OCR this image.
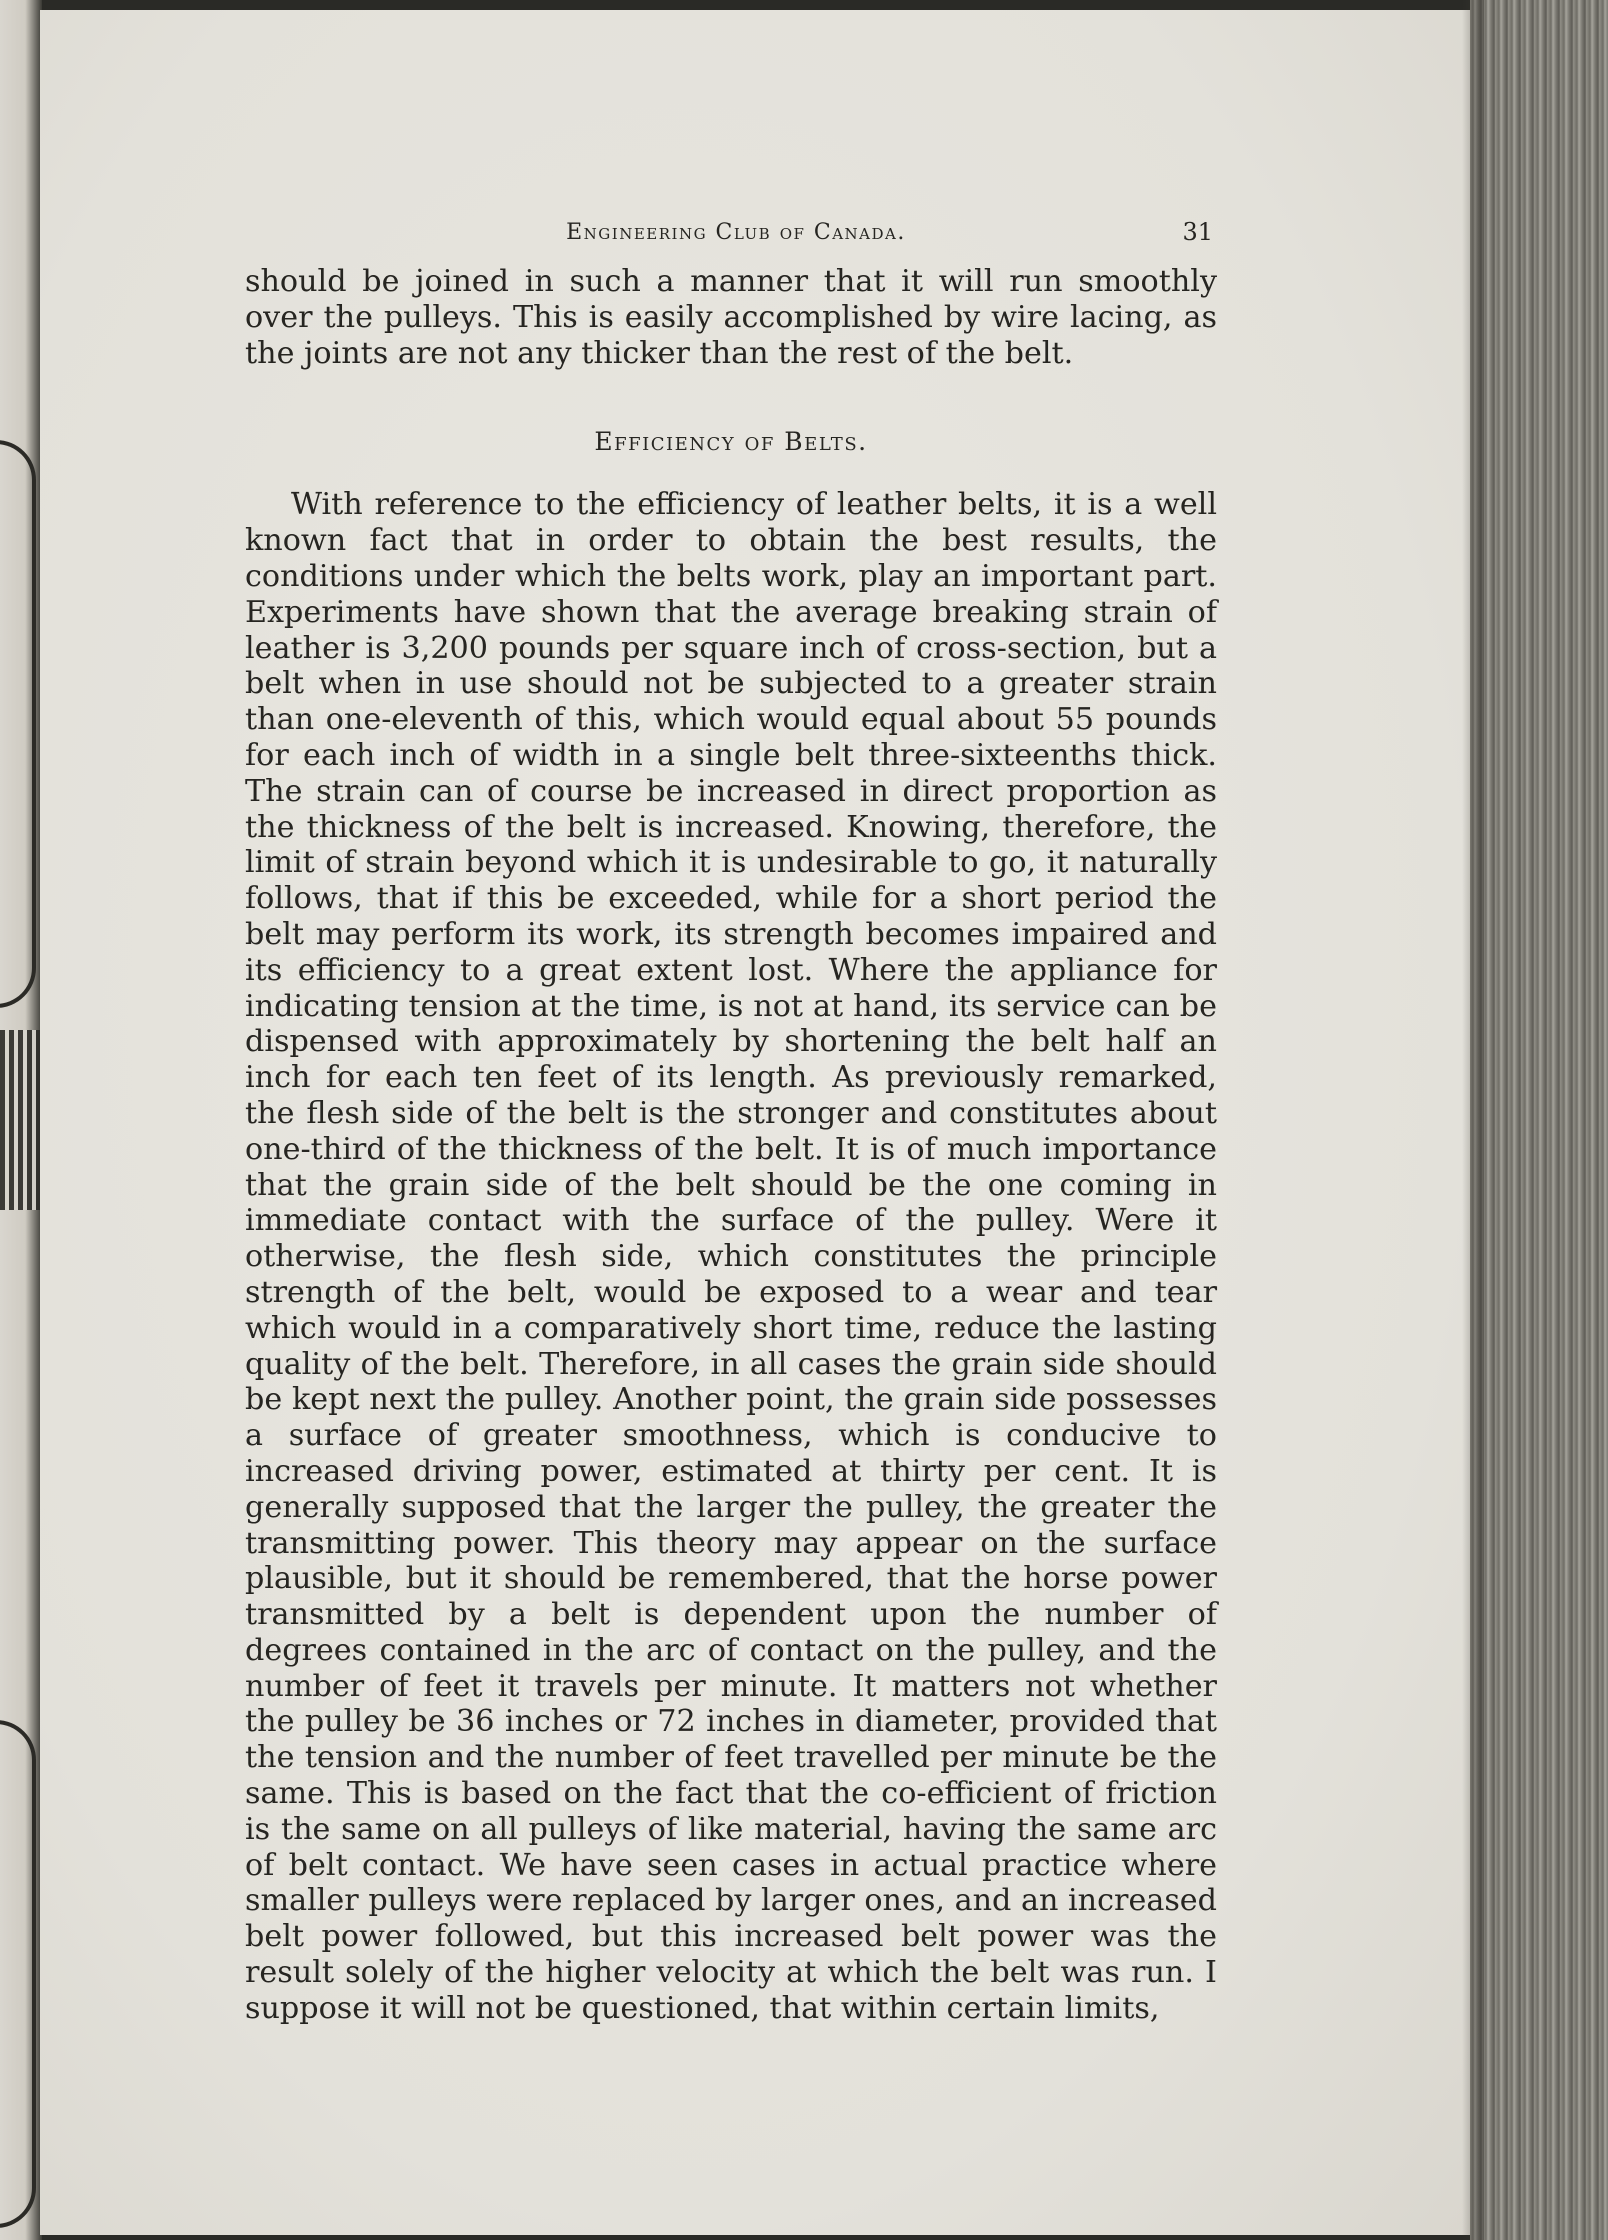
Engineering Club of Canada.	31

should be joined in such a manner that it will run smoothly over the pulleys. This is easily accomplished by wire lacing, as the joints are not any thicker than the rest of the belt.

Efficiency of Belts.

With reference to the efficiency of leather belts, it is a well known fact that in order to obtain the best results, the conditions under which the belts work, play an important part. Experiments have shown that the average breaking strain of leather is 3,200 pounds per square inch of cross-section, but a belt when in use should not be subjected to a greater strain than one-eleventh of this, which would equal about 55 pounds for each inch of width in a single belt three-sixteenths thick. The strain can of course be increased in direct proportion as the thickness of the belt is increased. Knowing, therefore, the limit of strain beyond which it is undesirable to go, it naturally follows, that if this be exceeded, while for a short period the belt may perform its work, its strength becomes impaired and its efficiency to a great extent lost. Where the appliance for indicating tension at the time, is not at hand, its service can be dispensed with approximately by shortening the belt half an inch for each ten feet of its length. As previously remarked, the flesh side of the belt is the stronger and constitutes about one-third of the thickness of the belt. It is of much importance that the grain side of the belt should be the one coming in immediate contact with the surface of the pulley. Were it otherwise, the flesh side, which constitutes the principle strength of the belt, would be exposed to a wear and tear which would in a comparatively short time, reduce the lasting quality of the belt. Therefore, in all cases the grain side should be kept next the pulley. Another point, the grain side possesses a surface of greater smoothness, which is conducive to increased driving power, estimated at thirty per cent. It is generally supposed that the larger the pulley, the greater the transmitting power. This theory may appear on the surface plausible, but it should be remembered, that the horse power transmitted by a belt is dependent upon the number of degrees contained in the arc of contact on the pulley, and the number of feet it travels per minute. It matters not whether the pulley be 36 inches or 72 inches in diameter, provided that the tension and the number of feet travelled per minute be the same. This is based on the fact that the co-efficient of friction is the same on all pulleys of like material, having the same arc of belt contact. We have seen cases in actual practice where smaller pulleys were replaced by larger ones, and an increased belt power followed, but this increased belt power was the result solely of the higher velocity at which the belt was run. I suppose it will not be questioned, that within certain limits,
